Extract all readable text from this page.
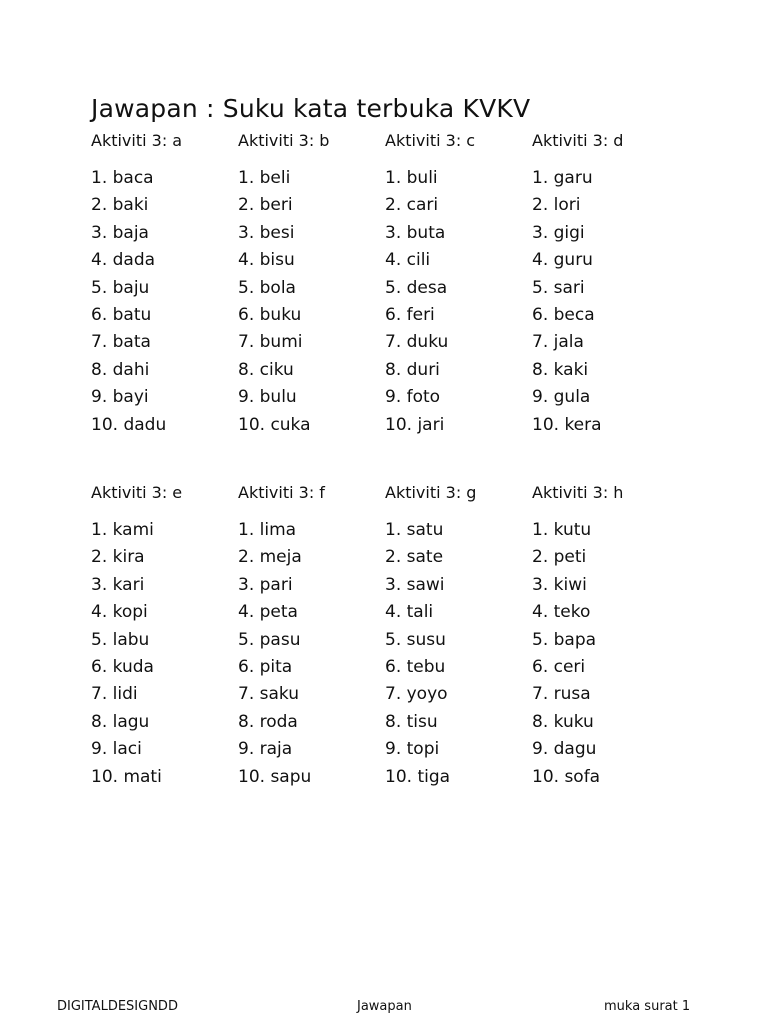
Jawapan : Suku kata terbuka KVKV
Aktiviti 3: a
1. baca
2. baki
3. baja
4. dada
5. baju
6. batu
7. bata
8. dahi
9. bayi
10. dadu
Aktiviti 3: b
1. beli
2. beri
3. besi
4. bisu
5. bola
6. buku
7. bumi
8. ciku
9. bulu
10. cuka
Aktiviti 3: c
1. buli
2. cari
3. buta
4. cili
5. desa
6. feri
7. duku
8. duri
9. foto
10. jari
Aktiviti 3: d
1. garu
2. lori
3. gigi
4. guru
5. sari
6. beca
7. jala
8. kaki
9. gula
10. kera
Aktiviti 3: e
1. kami
2. kira
3. kari
4. kopi
5. labu
6. kuda
7. lidi
8. lagu
9. laci
10. mati
Aktiviti 3: f
1. lima
2. meja
3. pari
4. peta
5. pasu
6. pita
7. saku
8. roda
9. raja
10. sapu
Aktiviti 3: g
1. satu
2. sate
3. sawi
4. tali
5. susu
6. tebu
7. yoyo
8. tisu
9. topi
10. tiga
Aktiviti 3: h
1. kutu
2. peti
3. kiwi
4. teko
5. bapa
6. ceri
7. rusa
8. kuku
9. dagu
10. sofa
DIGITALDESIGNDD	Jawapan	muka surat 1
